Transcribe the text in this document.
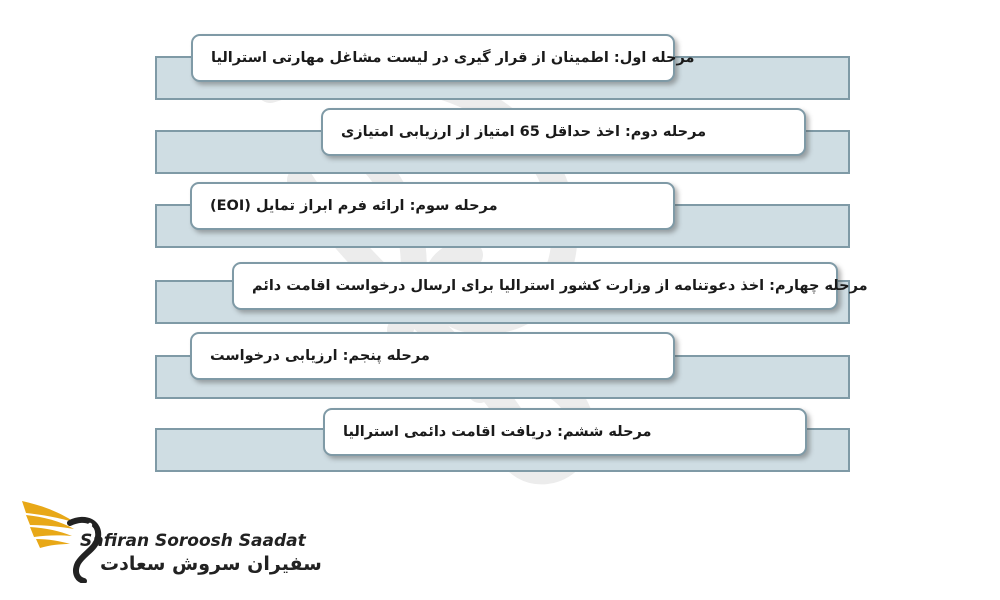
مرحله اول: اطمینان از قرار گیری در لیست مشاغل مهارتی استرالیا
مرحله دوم: اخذ حداقل 65 امتیاز از ارزیابی امتیازی
مرحله سوم: ارائه فرم ابراز تمایل (EOI)
مرحله چهارم: اخذ دعوتنامه از وزارت کشور استرالیا برای ارسال درخواست اقامت دائم
مرحله پنجم: ارزیابی درخواست
مرحله ششم: دریافت اقامت دائمی استرالیا
Safiran Soroosh Saadat
سفیران سروش سعادت
